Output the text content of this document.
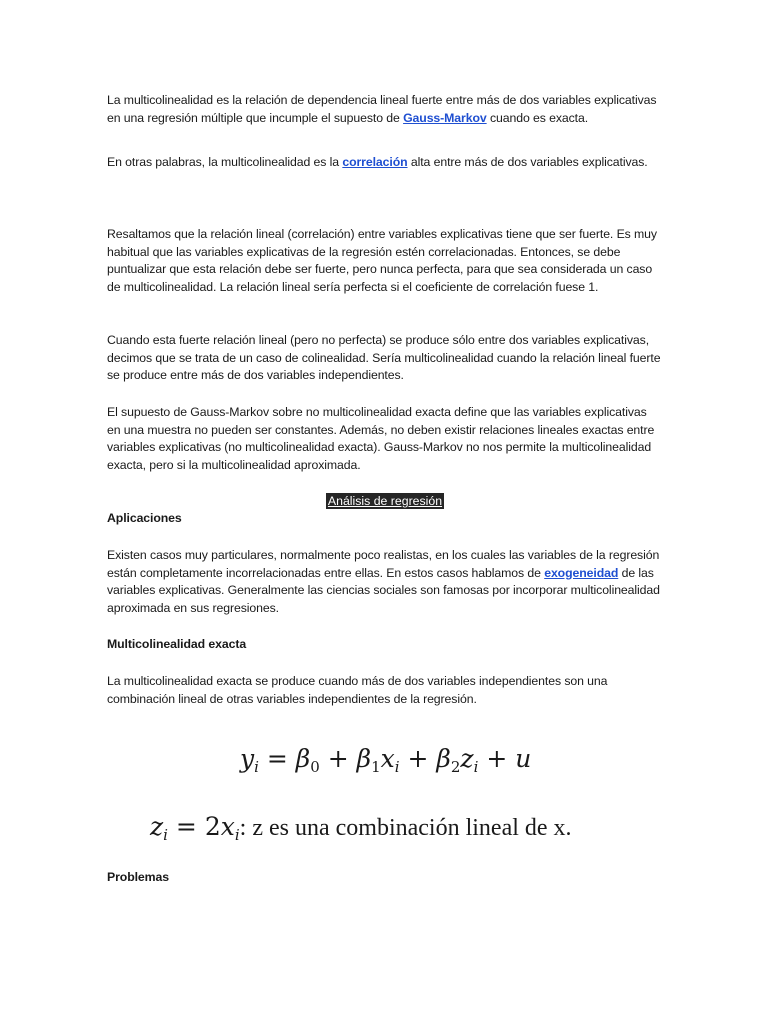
La multicolinealidad es la relación de dependencia lineal fuerte entre más de dos variables explicativas en una regresión múltiple que incumple el supuesto de Gauss-Markov cuando es exacta.

En otras palabras, la multicolinealidad es la correlación alta entre más de dos variables explicativas.

Resaltamos que la relación lineal (correlación) entre variables explicativas tiene que ser fuerte. Es muy habitual que las variables explicativas de la regresión estén correlacionadas. Entonces, se debe puntualizar que esta relación debe ser fuerte, pero nunca perfecta, para que sea considerada un caso de multicolinealidad. La relación lineal sería perfecta si el coeficiente de correlación fuese 1.

Cuando esta fuerte relación lineal (pero no perfecta) se produce sólo entre dos variables explicativas, decimos que se trata de un caso de colinealidad. Sería multicolinealidad cuando la relación lineal fuerte se produce entre más de dos variables independientes.

El supuesto de Gauss-Markov sobre no multicolinealidad exacta define que las variables explicativas en una muestra no pueden ser constantes. Además, no deben existir relaciones lineales exactas entre variables explicativas (no multicolinealidad exacta). Gauss-Markov no nos permite la multicolinealidad exacta, pero si la multicolinealidad aproximada.

Análisis de regresión

Aplicaciones

Existen casos muy particulares, normalmente poco realistas, en los cuales las variables de la regresión están completamente incorrelacionadas entre ellas. En estos casos hablamos de exogeneidad de las variables explicativas. Generalmente las ciencias sociales son famosas por incorporar multicolinealidad aproximada en sus regresiones.

Multicolinealidad exacta

La multicolinealidad exacta se produce cuando más de dos variables independientes son una combinación lineal de otras variables independientes de la regresión.

Problemas

$y_i = \beta_0 + \beta_1x_i + \beta_2z_i + u$
$z_i = 2x_i$: z es una combinación lineal de x.
